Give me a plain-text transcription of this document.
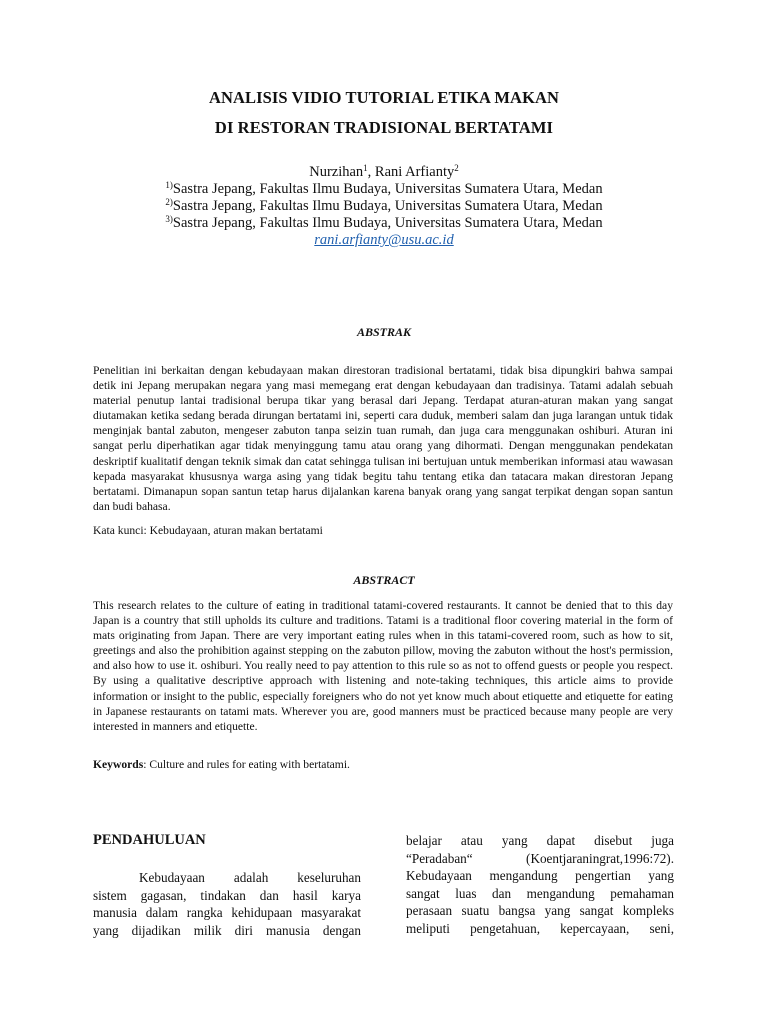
ANALISIS VIDIO TUTORIAL ETIKA MAKAN
DI RESTORAN TRADISIONAL BERTATAMI
Nurzihan$^1$, Rani Arfianty$^2$
$^{1)}$Sastra Jepang, Fakultas Ilmu Budaya, Universitas Sumatera Utara, Medan
$^{2)}$Sastra Jepang, Fakultas Ilmu Budaya, Universitas Sumatera Utara, Medan
$^{3)}$Sastra Jepang, Fakultas Ilmu Budaya, Universitas Sumatera Utara, Medan
rani.arfianty@usu.ac.id
ABSTRAK
Penelitian ini berkaitan dengan kebudayaan makan direstoran tradisional bertatami, tidak bisa dipungkiri bahwa sampai detik ini Jepang merupakan negara yang masi memegang erat dengan kebudayaan dan tradisinya. Tatami adalah sebuah material penutup lantai tradisional berupa tikar yang berasal dari Jepang. Terdapat aturan-aturan makan yang sangat diutamakan ketika sedang berada dirungan bertatami ini, seperti cara duduk, memberi salam dan juga larangan untuk tidak menginjak bantal zabuton, mengeser zabuton tanpa seizin tuan rumah, dan juga cara menggunakan oshiburi. Aturan ini sangat perlu diperhatikan agar tidak menyinggung tamu atau orang yang dihormati. Dengan menggunakan pendekatan deskriptif kualitatif dengan teknik simak dan catat sehingga tulisan ini bertujuan untuk memberikan informasi atau wawasan kepada masyarakat khususnya warga asing yang tidak begitu tahu tentang etika dan tatacara makan direstoran Jepang bertatami. Dimanapun sopan santun tetap harus dijalankan karena banyak orang yang sangat terpikat dengan sopan santun dan budi bahasa.
Kata kunci: Kebudayaan, aturan makan bertatami
ABSTRACT
This research relates to the culture of eating in traditional tatami-covered restaurants. It cannot be denied that to this day Japan is a country that still upholds its culture and traditions. Tatami is a traditional floor covering material in the form of mats originating from Japan. There are very important eating rules when in this tatami-covered room, such as how to sit, greetings and also the prohibition against stepping on the zabuton pillow, moving the zabuton without the host's permission, and also how to use it. oshiburi. You really need to pay attention to this rule so as not to offend guests or people you respect. By using a qualitative descriptive approach with listening and note-taking techniques, this article aims to provide information or insight to the public, especially foreigners who do not yet know much about etiquette and etiquette for eating in Japanese restaurants on tatami mats. Wherever you are, good manners must be practiced because many people are very interested in manners and etiquette.
Keywords: Culture and rules for eating with bertatami.
PENDAHULUAN
Kebudayaan adalah keseluruhan
sistem gagasan, tindakan dan hasil karya
manusia dalam rangka kehidupaan masyarakat
yang dijadikan milik diri manusia dengan
belajar atau yang dapat disebut juga
“Peradaban“ (Koentjaraningrat,1996:72).
Kebudayaan mengandung pengertian yang
sangat luas dan mengandung pemahaman
perasaan suatu bangsa yang sangat kompleks
meliputi pengetahuan, kepercayaan, seni,
